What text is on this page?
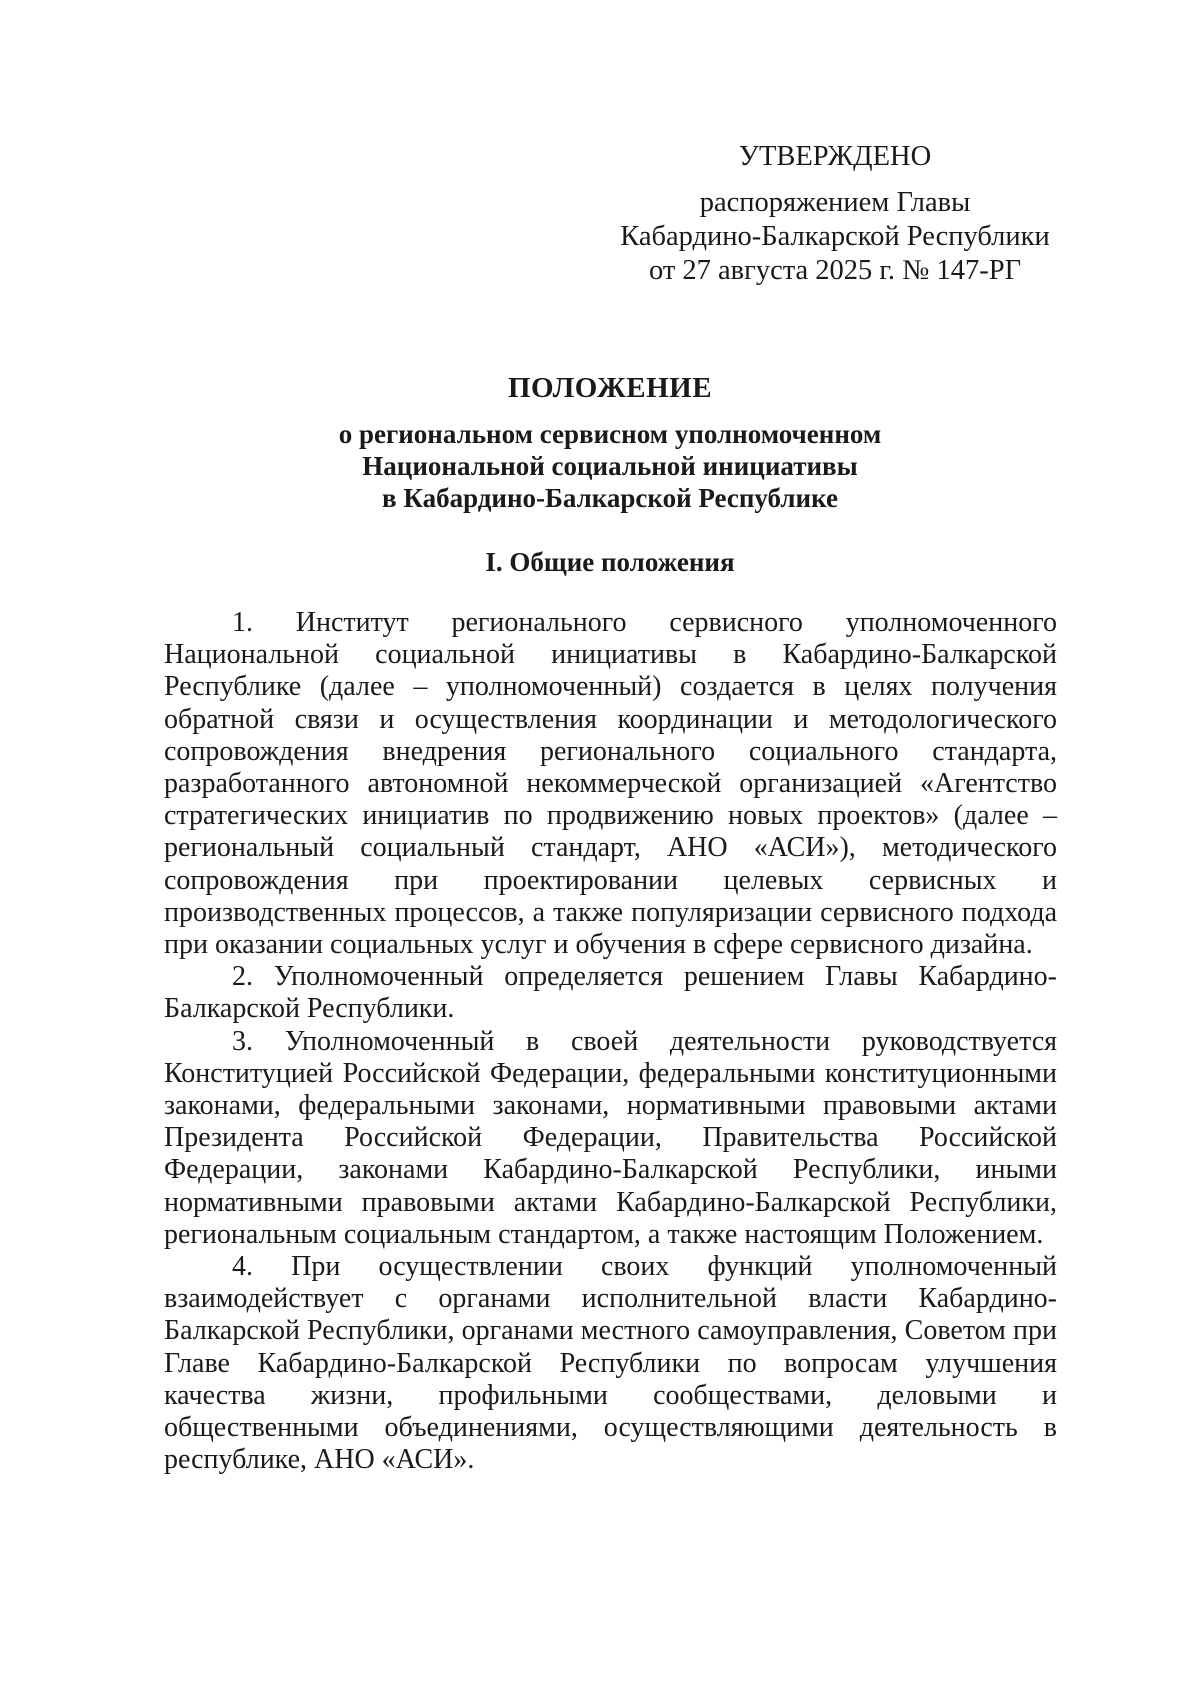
УТВЕРЖДЕНО
распоряжением Главы
Кабардино-Балкарской Республики
от 27 августа 2025 г. № 147-РГ
ПОЛОЖЕНИЕ
о региональном сервисном уполномоченном
Национальной социальной инициативы
в Кабардино-Балкарской Республике
I. Общие положения

1. Институт регионального сервисного уполномоченного Национальной социальной инициативы в Кабардино-Балкарской Республике (далее – уполномоченный) создается в целях получения обратной связи и осуществления координации и методологического сопровождения внедрения регионального социального стандарта, разработанного автономной некоммерческой организацией «Агентство стратегических инициатив по продвижению новых проектов» (далее – региональный социальный стандарт, АНО «АСИ»), методического сопровождения при проектировании целевых сервисных и производственных процессов, а также популяризации сервисного подхода при оказании социальных услуг и обучения в сфере сервисного дизайна.

2. Уполномоченный определяется решением Главы Кабардино-Балкарской Республики.

3. Уполномоченный в своей деятельности руководствуется Конституцией Российской Федерации, федеральными конституционными законами, федеральными законами, нормативными правовыми актами Президента Российской Федерации, Правительства Российской Федерации, законами Кабардино-Балкарской Республики, иными нормативными правовыми актами Кабардино-Балкарской Республики, региональным социальным стандартом, а также настоящим Положением.

4. При осуществлении своих функций уполномоченный взаимодействует с органами исполнительной власти Кабардино-Балкарской Республики, органами местного самоуправления, Советом при Главе Кабардино-Балкарской Республики по вопросам улучшения качества жизни, профильными сообществами, деловыми и общественными объединениями, осуществляющими деятельность в республике, АНО «АСИ».
